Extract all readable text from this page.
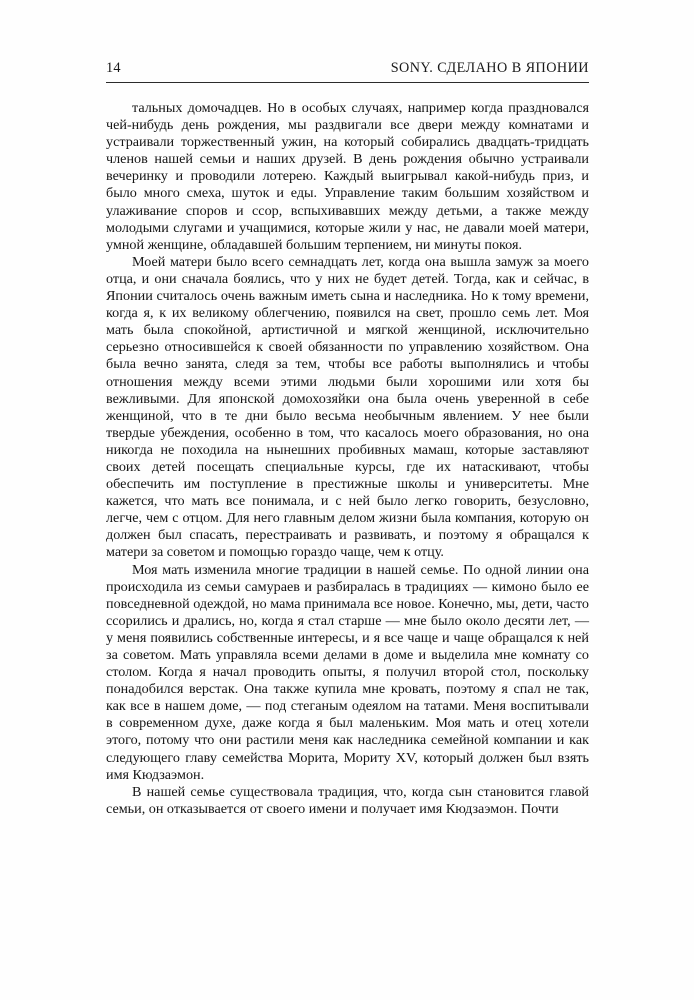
14	SONY. СДЕЛАНО В ЯПОНИИ

тальных домочадцев. Но в особых случаях, например когда праздновался чей-нибудь день рождения, мы раздвигали все двери между комнатами и устраивали торжественный ужин, на который собирались двадцать-тридцать членов нашей семьи и наших друзей. В день рождения обычно устраивали вечеринку и проводили лотерею. Каждый выигрывал какой-нибудь приз, и было много смеха, шуток и еды. Управление таким большим хозяйством и улаживание споров и ссор, вспыхивавших между детьми, а также между молодыми слугами и учащимися, которые жили у нас, не давали моей матери, умной женщине, обладавшей большим терпением, ни минуты покоя.

Моей матери было всего семнадцать лет, когда она вышла замуж за моего отца, и они сначала боялись, что у них не будет детей. Тогда, как и сейчас, в Японии считалось очень важным иметь сына и наследника. Но к тому времени, когда я, к их великому облегчению, появился на свет, прошло семь лет. Моя мать была спокойной, артистичной и мягкой женщиной, исключительно серьезно относившейся к своей обязанности по управлению хозяйством. Она была вечно занята, следя за тем, чтобы все работы выполнялись и чтобы отношения между всеми этими людьми были хорошими или хотя бы вежливыми. Для японской домохозяйки она была очень уверенной в себе женщиной, что в те дни было весьма необычным явлением. У нее были твердые убеждения, особенно в том, что касалось моего образования, но она никогда не походила на нынешних пробивных мамаш, которые заставляют своих детей посещать специальные курсы, где их натаскивают, чтобы обеспечить им поступление в престижные школы и университеты. Мне кажется, что мать все понимала, и с ней было легко говорить, безусловно, легче, чем с отцом. Для него главным делом жизни была компания, которую он должен был спасать, перестраивать и развивать, и поэтому я обращался к матери за советом и помощью гораздо чаще, чем к отцу.

Моя мать изменила многие традиции в нашей семье. По одной линии она происходила из семьи самураев и разбиралась в традициях — кимоно было ее повседневной одеждой, но мама принимала все новое. Конечно, мы, дети, часто ссорились и дрались, но, когда я стал старше — мне было около десяти лет, — у меня появились собственные интересы, и я все чаще и чаще обращался к ней за советом. Мать управляла всеми делами в доме и выделила мне комнату со столом. Когда я начал проводить опыты, я получил второй стол, поскольку понадобился верстак. Она также купила мне кровать, поэтому я спал не так, как все в нашем доме, — под стеганым одеялом на татами. Меня воспитывали в современном духе, даже когда я был маленьким. Моя мать и отец хотели этого, потому что они растили меня как наследника семейной компании и как следующего главу семейства Морита, Мориту XV, который должен был взять имя Кюдзаэмон.

В нашей семье существовала традиция, что, когда сын становится главой семьи, он отказывается от своего имени и получает имя Кюдзаэмон. Почти
